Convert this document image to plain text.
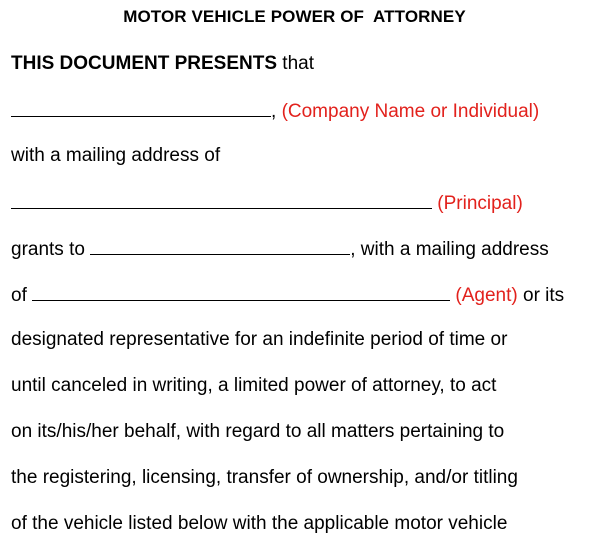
MOTOR VEHICLE POWER OF  ATTORNEY
THIS DOCUMENT PRESENTS that
, (Company Name or Individual)
with a mailing address of
(Principal)
grants to	, with a mailing address
of	(Agent) or its
designated representative for an indefinite period of time or
until canceled in writing, a limited power of attorney, to act
on its/his/her behalf, with regard to all matters pertaining to
the registering, licensing, transfer of ownership, and/or titling
of the vehicle listed below with the applicable motor vehicle
